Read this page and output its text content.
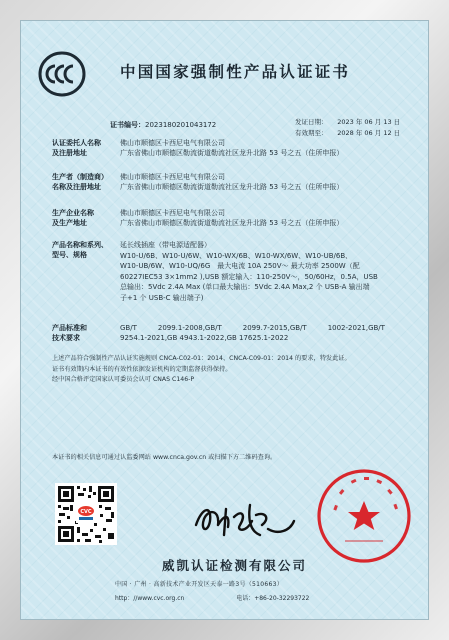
中国国家强制性产品认证证书
证书编号：2023180201043172	发证日期：　　2023 年 06 月 13 日
有效期至：　　2028 年 06 月 12 日
认证委托人名称
及注册地址
佛山市顺德区卡西尼电气有限公司
广东省佛山市顺德区勒流街道勒流社区龙升北路 53 号之五（住所申报）
生产者（制造商）
名称及注册地址
佛山市顺德区卡西尼电气有限公司
广东省佛山市顺德区勒流街道勒流社区龙升北路 53 号之五（住所申报）
生产企业名称
及生产地址
佛山市顺德区卡西尼电气有限公司
广东省佛山市顺德区勒流街道勒流社区龙升北路 53 号之五（住所申报）
产品名称和系列、
型号、规格
延长线插座（带电源适配器）
W10-U/6B、W10-U/6W、W10-WX/6B、W10-WX/6W、W10-UB/6B、
W10-UB/6W、W10-UQ/6G　最大电流 10A 250V～ 最大功率 2500W（配
60227IEC53 3×1mm2 ),USB 额定输入：110-250V～，50/60Hz，0.5A，USB
总输出：5Vdc 2.4A Max (单口最大输出：5Vdc 2.4A Max,2 个 USB-A 输出端
子+1 个 USB-C 输出端子)
产品标准和
技术要求
GB/T　　　2099.1-2008,GB/T　　　2099.7-2015,GB/T　　　1002-2021,GB/T
9254.1-2021,GB 4943.1-2022,GB 17625.1-2022
上述产品符合强制性产品认证实施规则 CNCA-C02-01：2014、CNCA-C09-01：2014 的要求，特发此证。
证书有效期内本证书的有效性依据发证机构的定期监督获得保持。
经中国合格评定国家认可委员会认可 CNAS C146-P
本证书的相关信息可通过认监委网站 www.cnca.gov.cn 或扫描下方二维码查询。
CVC
威凯认证检测有限公司
中国 · 广州 · 高新技术产业开发区天泰一路3号（510663）
http：//www.cvc.org.cn	电话：+86-20-32293722
